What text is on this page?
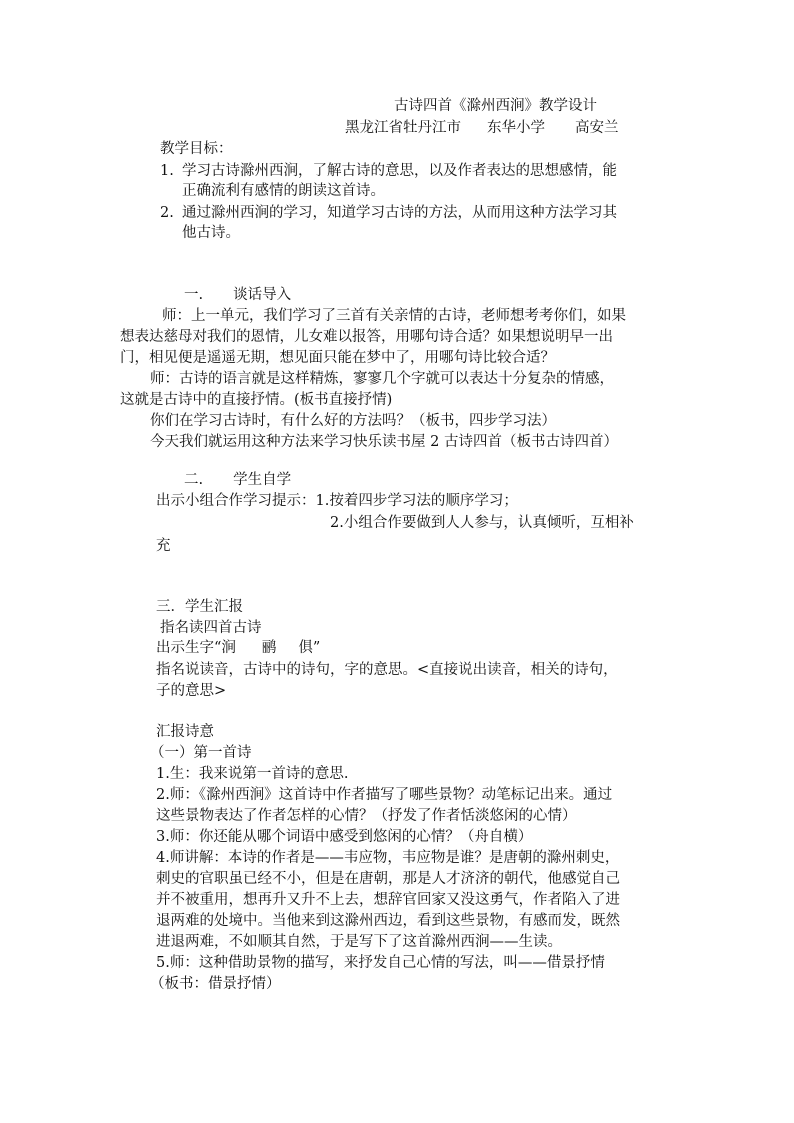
古诗四首《滁州西涧》教学设计
黑龙江省牡丹江市 东华小学 高安兰
教学目标：
1. 学习古诗滁州西涧，了解古诗的意思，以及作者表达的思想感情，能
正确流利有感情的朗读这首诗。
2. 通过滁州西涧的学习，知道学习古诗的方法，从而用这种方法学习其
他古诗。
一. 谈话导入
师：上一单元，我们学习了三首有关亲情的古诗，老师想考考你们，如果
想表达慈母对我们的恩情，儿女难以报答，用哪句诗合适？如果想说明早一出
门，相见便是遥遥无期，想见面只能在梦中了，用哪句诗比较合适？
师：古诗的语言就是这样精炼，寥寥几个字就可以表达十分复杂的情感，
这就是古诗中的直接抒情。(板书直接抒情)
你们在学习古诗时，有什么好的方法吗？（板书，四步学习法）
今天我们就运用这种方法来学习快乐读书屋 2 古诗四首（板书古诗四首）
二. 学生自学
出示小组合作学习提示：1.按着四步学习法的顺序学习；
2.小组合作要做到人人参与，认真倾听，互相补
充
三．学生汇报
指名读四首古诗
出示生字“涧 鹂 俱”
指名说读音，古诗中的诗句，字的意思。<直接说出读音，相关的诗句，
子的意思>
汇报诗意
（一）第一首诗
1.生：我来说第一首诗的意思.
2.师：《滁州西涧》这首诗中作者描写了哪些景物？动笔标记出来。通过
这些景物表达了作者怎样的心情？（抒发了作者恬淡悠闲的心情）
3.师：你还能从哪个词语中感受到悠闲的心情？（舟自横）
4.师讲解：本诗的作者是——韦应物，韦应物是谁？是唐朝的滁州刺史，
刺史的官职虽已经不小，但是在唐朝，那是人才济济的朝代，他感觉自己
并不被重用，想再升又升不上去，想辞官回家又没这勇气，作者陷入了进
退两难的处境中。当他来到这滁州西边，看到这些景物，有感而发，既然
进退两难，不如顺其自然，于是写下了这首滁州西涧——生读。
5.师：这种借助景物的描写，来抒发自己心情的写法，叫——借景抒情
（板书：借景抒情）
